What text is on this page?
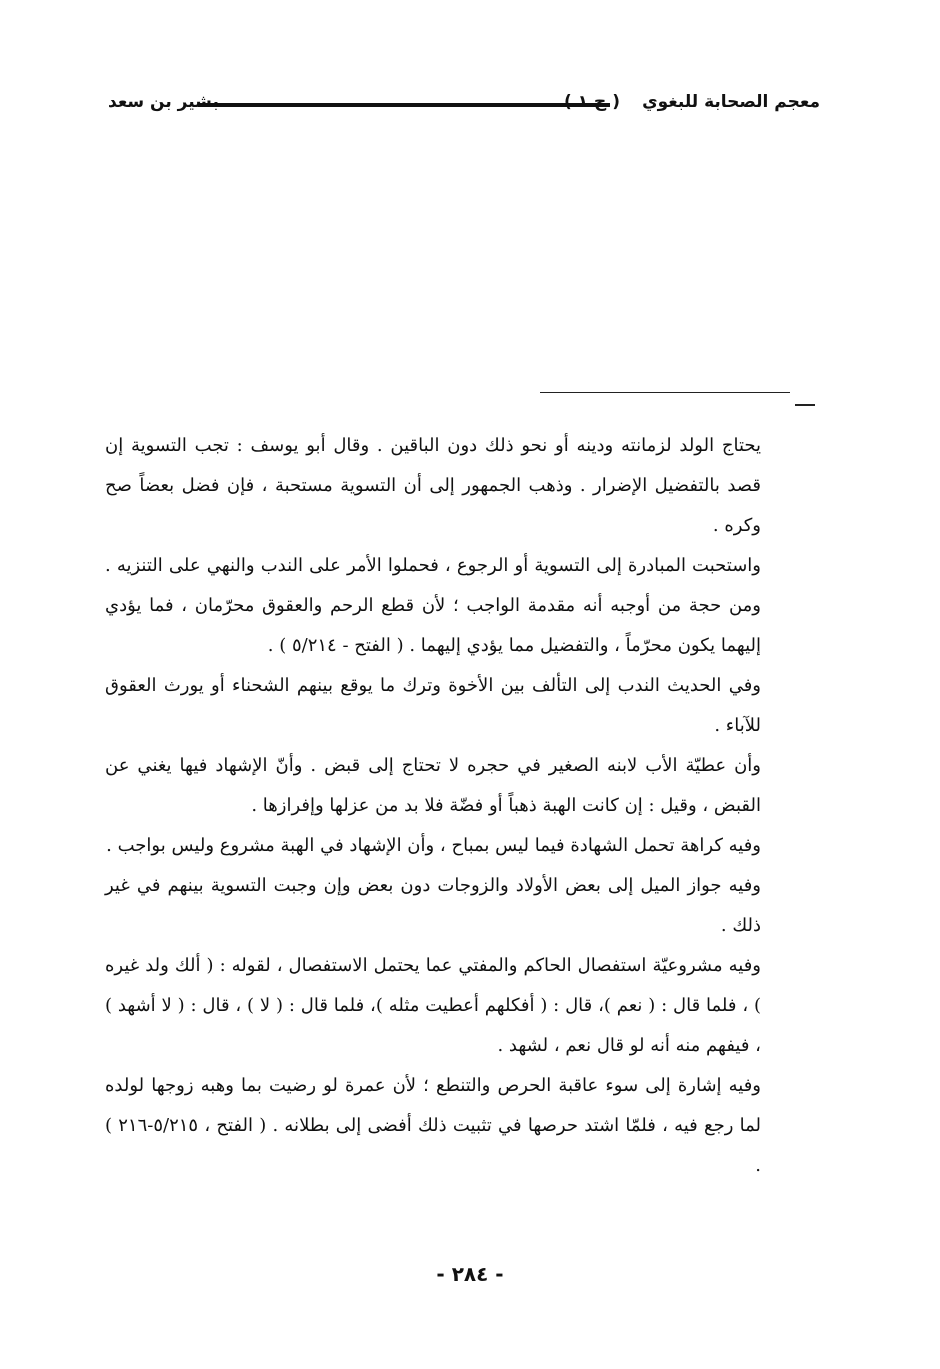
معجم الصحابة للبغوي
( ج ١ )
بشير بن سعد

يحتاج الولد لزمانته ودينه أو نحو ذلك دون الباقين . وقال أبو يوسف : تجب التسوية إن قصد بالتفضيل الإضرار . وذهب الجمهور إلى أن التسوية مستحبة ، فإن فضل بعضاً صح وكره .

واستحبت المبادرة إلى التسوية أو الرجوع ، فحملوا الأمر على الندب والنهي على التنزيه . ومن حجة من أوجبه أنه مقدمة الواجب ؛ لأن قطع الرحم والعقوق محرّمان ، فما يؤدي إليهما يكون محرّماً ، والتفضيل مما يؤدي إليهما . ( الفتح - ٥/٢١٤ ) .

وفي الحديث الندب إلى التألف بين الأخوة وترك ما يوقع بينهم الشحناء أو يورث العقوق للآباء .

وأن عطيّة الأب لابنه الصغير في حجره لا تحتاج إلى قبض . وأنّ الإشهاد فيها يغني عن القبض ، وقيل : إن كانت الهبة ذهباً أو فضّة فلا بد من عزلها وإفرازها .

وفيه كراهة تحمل الشهادة فيما ليس بمباح ، وأن الإشهاد في الهبة مشروع وليس بواجب .

وفيه جواز الميل إلى بعض الأولاد والزوجات دون بعض وإن وجبت التسوية بينهم في غير ذلك .

وفيه مشروعيّة استفصال الحاكم والمفتي عما يحتمل الاستفصال ، لقوله : ( ألك ولد غيره ) ، فلما قال : ( نعم )، قال : ( أفكلهم أعطيت مثله )، فلما قال : ( لا ) ، قال : ( لا أشهد ) ، فيفهم منه أنه لو قال نعم ، لشهد .

وفيه إشارة إلى سوء عاقبة الحرص والتنطع ؛ لأن عمرة لو رضيت بما وهبه زوجها لولده لما رجع فيه ، فلمّا اشتد حرصها في تثبيت ذلك أفضى إلى بطلانه . ( الفتح ، ٥/٢١٥-٢١٦ ) .

- ٢٨٤ -
